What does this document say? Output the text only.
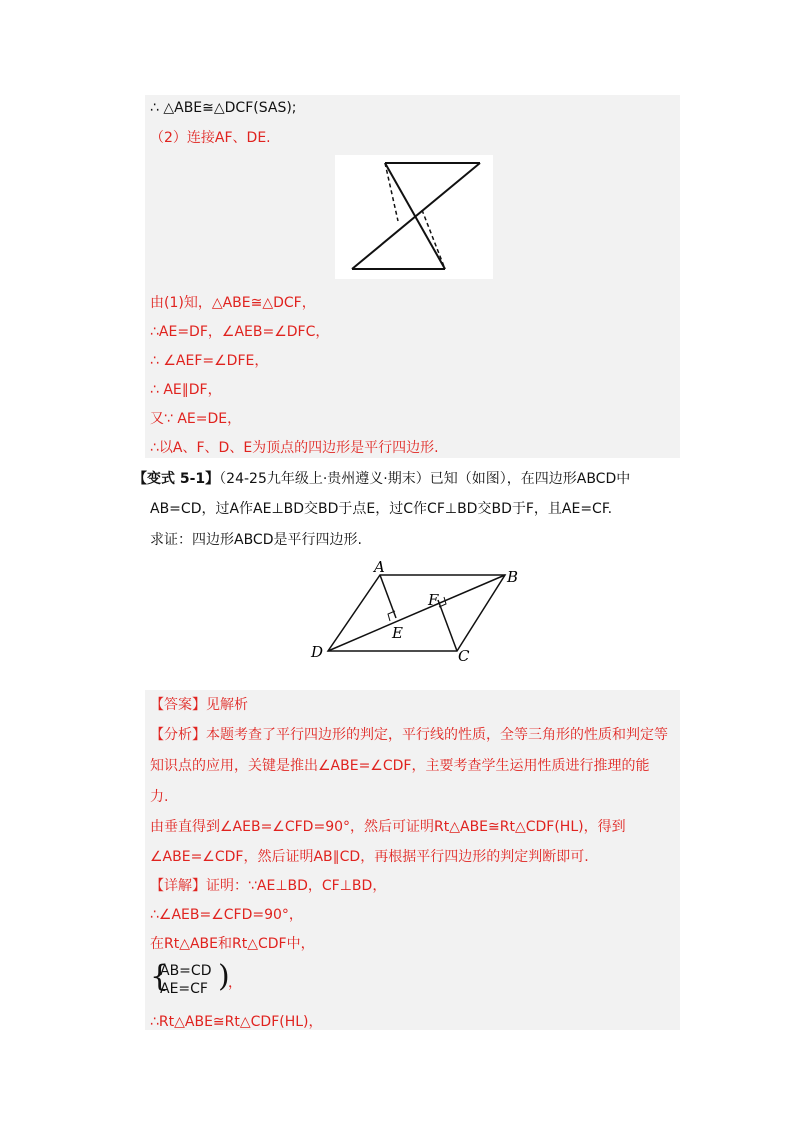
∴ △ABE≅△DCF(SAS);
（2）连接AF、DE.
由(1)知，△ABE≅△DCF，
∴AE=DF，∠AEB=∠DFC，
∴ ∠AEF=∠DFE，
∴ AE∥DF，
又∵ AE=DE，
∴以A、F、D、E为顶点的四边形是平行四边形.
【变式 5-1】（24-25九年级上·贵州遵义·期末）已知（如图），在四边形ABCD中
AB=CD，过A作AE⊥BD交BD于点E，过C作CF⊥BD交BD于F，且AE=CF.
求证：四边形ABCD是平行四边形.
A
B
C
D
E
F
【答案】见解析
【分析】本题考查了平行四边形的判定，平行线的性质，全等三角形的性质和判定等
知识点的应用，关键是推出∠ABE=∠CDF，主要考查学生运用性质进行推理的能
力.
由垂直得到∠AEB=∠CFD=90°，然后可证明Rt△ABE≅Rt△CDF(HL)，得到
∠ABE=∠CDF，然后证明AB∥CD，再根据平行四边形的判定判断即可.
【详解】证明：∵AE⊥BD，CF⊥BD，
∴∠AEB=∠CFD=90°，
在Rt△ABE和Rt△CDF中，
{
AB=CD
AE=CF )
，
∴Rt△ABE≅Rt△CDF(HL)，
